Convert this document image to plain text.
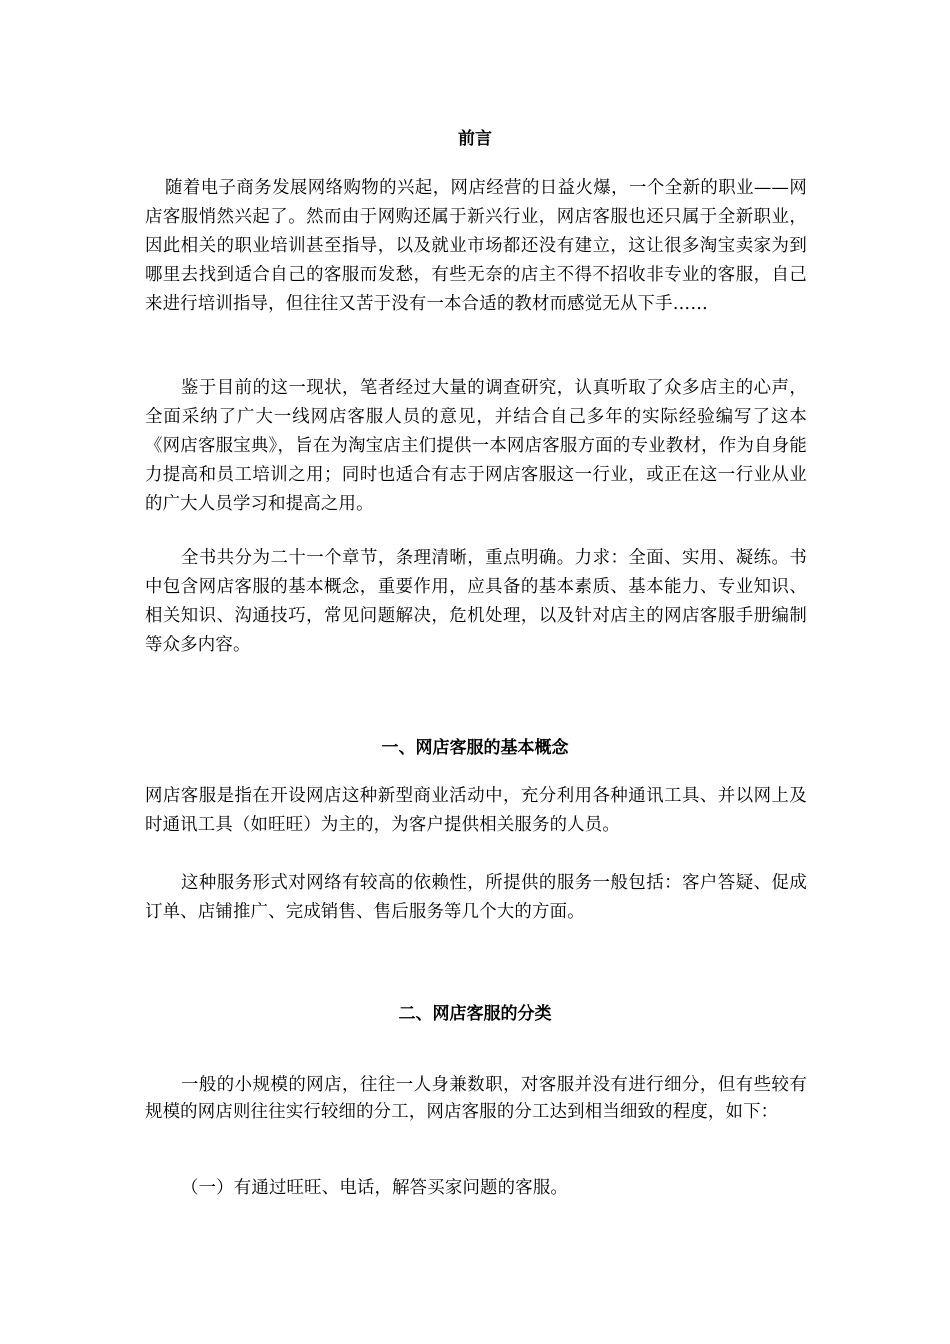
前言
随着电子商务发展网络购物的兴起，网店经营的日益火爆，一个全新的职业——网店客服悄然兴起了。然而由于网购还属于新兴行业，网店客服也还只属于全新职业，因此相关的职业培训甚至指导，以及就业市场都还没有建立，这让很多淘宝卖家为到哪里去找到适合自己的客服而发愁，有些无奈的店主不得不招收非专业的客服，自己来进行培训指导，但往往又苦于没有一本合适的教材而感觉无从下手……
鉴于目前的这一现状，笔者经过大量的调查研究，认真听取了众多店主的心声，全面采纳了广大一线网店客服人员的意见，并结合自己多年的实际经验编写了这本《网店客服宝典》，旨在为淘宝店主们提供一本网店客服方面的专业教材，作为自身能力提高和员工培训之用；同时也适合有志于网店客服这一行业，或正在这一行业从业的广大人员学习和提高之用。
全书共分为二十一个章节，条理清晰，重点明确。力求：全面、实用、凝练。书中包含网店客服的基本概念，重要作用，应具备的基本素质、基本能力、专业知识、相关知识、沟通技巧，常见问题解决，危机处理，以及针对店主的网店客服手册编制等众多内容。
一、网店客服的基本概念
网店客服是指在开设网店这种新型商业活动中，充分利用各种通讯工具、并以网上及时通讯工具（如旺旺）为主的，为客户提供相关服务的人员。
这种服务形式对网络有较高的依赖性，所提供的服务一般包括：客户答疑、促成订单、店铺推广、完成销售、售后服务等几个大的方面。
二、网店客服的分类
一般的小规模的网店，往往一人身兼数职，对客服并没有进行细分，但有些较有规模的网店则往往实行较细的分工，网店客服的分工达到相当细致的程度，如下：
（一）有通过旺旺、电话，解答买家问题的客服。
